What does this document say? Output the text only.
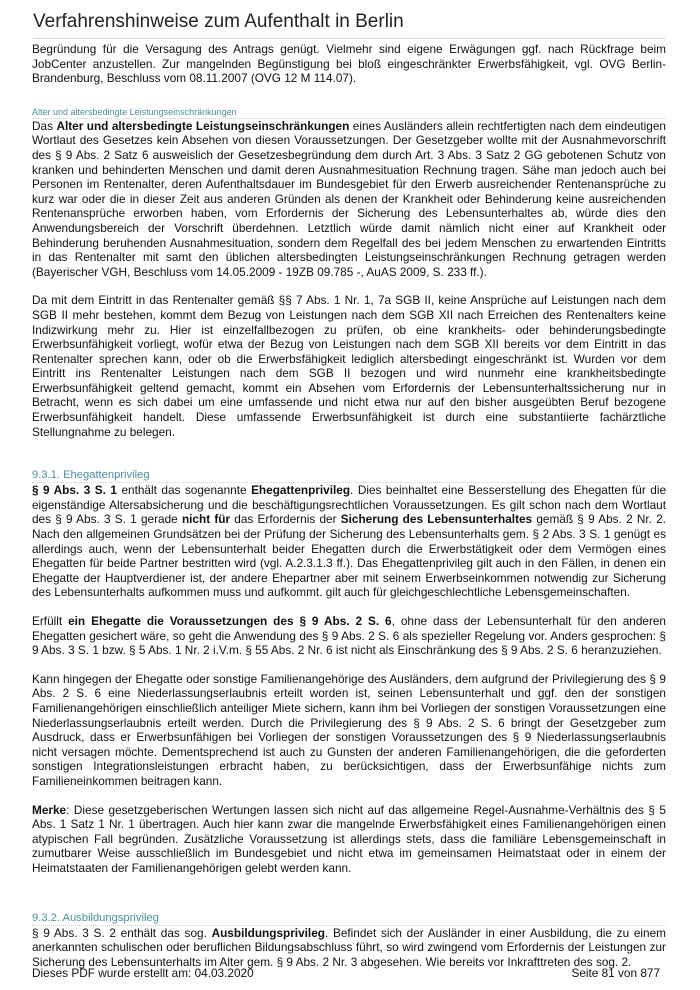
Verfahrenshinweise zum Aufenthalt in Berlin

Begründung für die Versagung des Antrags genügt. Vielmehr sind eigene Erwägungen ggf. nach Rückfrage beim JobCenter anzustellen. Zur mangelnden Begünstigung bei bloß eingeschränkter Erwerbsfähigkeit, vgl. OVG Berlin-Brandenburg, Beschluss vom 08.11.2007 (OVG 12 M 114.07).

Alter und altersbedingte Leistungseinschränkungen

Das Alter und altersbedingte Leistungseinschränkungen eines Ausländers allein rechtfertigten nach dem eindeutigen Wortlaut des Gesetzes kein Absehen von diesen Voraussetzungen. Der Gesetzgeber wollte mit der Ausnahmevorschrift des § 9 Abs. 2 Satz 6 ausweislich der Gesetzesbegründung dem durch Art. 3 Abs. 3 Satz 2 GG gebotenen Schutz von kranken und behinderten Menschen und damit deren Ausnahmesituation Rechnung tragen. Sähe man jedoch auch bei Personen im Rentenalter, deren Aufenthaltsdauer im Bundesgebiet für den Erwerb ausreichender Rentenansprüche zu kurz war oder die in dieser Zeit aus anderen Gründen als denen der Krankheit oder Behinderung keine ausreichenden Rentenansprüche erworben haben, vom Erfordernis der Sicherung des Lebensunterhaltes ab, würde dies den Anwendungsbereich der Vorschrift überdehnen. Letztlich würde damit nämlich nicht einer auf Krankheit oder Behinderung beruhenden Ausnahmesituation, sondern dem Regelfall des bei jedem Menschen zu erwartenden Eintritts in das Rentenalter mit samt den üblichen altersbedingten Leistungseinschränkungen Rechnung getragen werden (Bayerischer VGH, Beschluss vom 14.05.2009 - 19ZB 09.785 -, AuAS 2009, S. 233 ff.).

Da mit dem Eintritt in das Rentenalter gemäß §§ 7 Abs. 1 Nr. 1, 7a SGB II, keine Ansprüche auf Leistungen nach dem SGB II mehr bestehen, kommt dem Bezug von Leistungen nach dem SGB XII nach Erreichen des Rentenalters keine Indizwirkung mehr zu. Hier ist einzelfallbezogen zu prüfen, ob eine krankheits- oder behinderungsbedingte Erwerbsunfähigkeit vorliegt, wofür etwa der Bezug von Leistungen nach dem SGB XII bereits vor dem Eintritt in das Rentenalter sprechen kann, oder ob die Erwerbsfähigkeit lediglich altersbedingt eingeschränkt ist. Wurden vor dem Eintritt ins Rentenalter Leistungen nach dem SGB II bezogen und wird nunmehr eine krankheitsbedingte Erwerbsunfähigkeit geltend gemacht, kommt ein Absehen vom Erfordernis der Lebensunterhaltssicherung nur in Betracht, wenn es sich dabei um eine umfassende und nicht etwa nur auf den bisher ausgeübten Beruf bezogene Erwerbsunfähigkeit handelt. Diese umfassende Erwerbsunfähigkeit ist durch eine substantiierte fachärztliche Stellungnahme zu belegen.

9.3.1. Ehegattenprivileg

§ 9 Abs. 3 S. 1 enthält das sogenannte Ehegattenprivileg. Dies beinhaltet eine Besserstellung des Ehegatten für die eigenständige Altersabsicherung und die beschäftigungsrechtlichen Voraussetzungen. Es gilt schon nach dem Wortlaut des § 9 Abs. 3 S. 1 gerade nicht für das Erfordernis der Sicherung des Lebensunterhaltes gemäß § 9 Abs. 2 Nr. 2. Nach den allgemeinen Grundsätzen bei der Prüfung der Sicherung des Lebensunterhalts gem. § 2 Abs. 3 S. 1 genügt es allerdings auch, wenn der Lebensunterhalt beider Ehegatten durch die Erwerbstätigkeit oder dem Vermögen eines Ehegatten für beide Partner bestritten wird (vgl. A.2.3.1.3 ff.). Das Ehegattenprivileg gilt auch in den Fällen, in denen ein Ehegatte der Hauptverdiener ist, der andere Ehepartner aber mit seinem Erwerbseinkommen notwendig zur Sicherung des Lebensunterhalts aufkommen muss und aufkommt. gilt auch für gleichgeschlechtliche Lebensgemeinschaften.

Erfüllt ein Ehegatte die Voraussetzungen des § 9 Abs. 2 S. 6, ohne dass der Lebensunterhalt für den anderen Ehegatten gesichert wäre, so geht die Anwendung des § 9 Abs. 2 S. 6 als spezieller Regelung vor. Anders gesprochen: § 9 Abs. 3 S. 1 bzw. § 5 Abs. 1 Nr. 2 i.V.m. § 55 Abs. 2 Nr. 6 ist nicht als Einschränkung des § 9 Abs. 2 S. 6 heranzuziehen.

Kann hingegen der Ehegatte oder sonstige Familienangehörige des Ausländers, dem aufgrund der Privilegierung des § 9 Abs. 2 S. 6 eine Niederlassungserlaubnis erteilt worden ist, seinen Lebensunterhalt und ggf. den der sonstigen Familienangehörigen einschließlich anteiliger Miete sichern, kann ihm bei Vorliegen der sonstigen Voraussetzungen eine Niederlassungserlaubnis erteilt werden. Durch die Privilegierung des § 9 Abs. 2 S. 6 bringt der Gesetzgeber zum Ausdruck, dass er Erwerbsunfähigen bei Vorliegen der sonstigen Voraussetzungen des § 9 Niederlassungserlaubnis nicht versagen möchte. Dementsprechend ist auch zu Gunsten der anderen Familienangehörigen, die die geforderten sonstigen Integrationsleistungen erbracht haben, zu berücksichtigen, dass der Erwerbsunfähige nichts zum Familieneinkommen beitragen kann.

Merke: Diese gesetzgeberischen Wertungen lassen sich nicht auf das allgemeine Regel-Ausnahme-Verhältnis des § 5 Abs. 1 Satz 1 Nr. 1 übertragen. Auch hier kann zwar die mangelnde Erwerbsfähigkeit eines Familienangehörigen einen atypischen Fall begründen. Zusätzliche Voraussetzung ist allerdings stets, dass die familiäre Lebensgemeinschaft in zumutbarer Weise ausschließlich im Bundesgebiet und nicht etwa im gemeinsamen Heimatstaat oder in einem der Heimatstaaten der Familienangehörigen gelebt werden kann.

9.3.2. Ausbildungsprivileg

§ 9 Abs. 3 S. 2 enthält das sog. Ausbildungsprivileg. Befindet sich der Ausländer in einer Ausbildung, die zu einem anerkannten schulischen oder beruflichen Bildungsabschluss führt, so wird zwingend vom Erfordernis der Leistungen zur Sicherung des Lebensunterhalts im Alter gem. § 9 Abs. 2 Nr. 3 abgesehen. Wie bereits vor Inkrafttreten des sog. 2.

Dieses PDF wurde erstellt am: 04.03.2020	Seite 81 von 877
